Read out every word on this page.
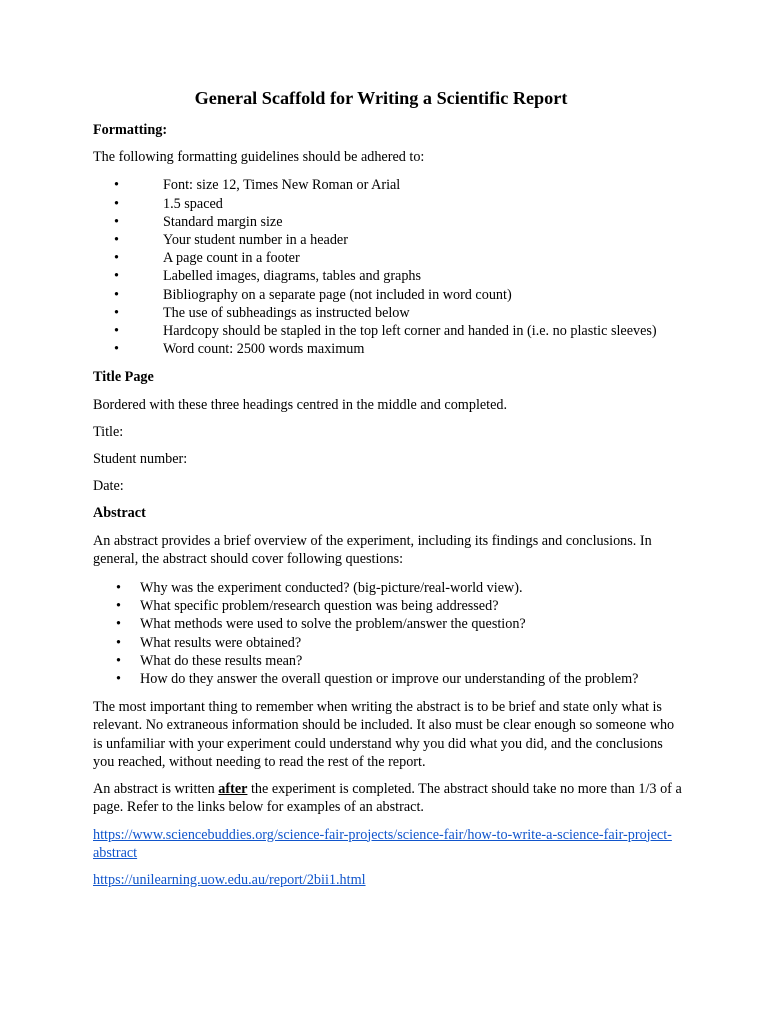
General Scaffold for Writing a Scientific Report

Formatting:

The following formatting guidelines should be adhered to:

•	Font: size 12, Times New Roman or Arial
•	1.5 spaced
•	Standard margin size
•	Your student number in a header
•	A page count in a footer
•	Labelled images, diagrams, tables and graphs
•	Bibliography on a separate page (not included in word count)
•	The use of subheadings as instructed below
•	Hardcopy should be stapled in the top left corner and handed in (i.e. no plastic sleeves)
•	Word count: 2500 words maximum

Title Page

Bordered with these three headings centred in the middle and completed.

Title:

Student number:

Date:

Abstract

An abstract provides a brief overview of the experiment, including its findings and conclusions. In general, the abstract should cover following questions:

• Why was the experiment conducted? (big-picture/real-world view).
• What specific problem/research question was being addressed?
• What methods were used to solve the problem/answer the question?
• What results were obtained?
• What do these results mean?
• How do they answer the overall question or improve our understanding of the problem?

The most important thing to remember when writing the abstract is to be brief and state only what is relevant. No extraneous information should be included. It also must be clear enough so someone who is unfamiliar with your experiment could understand why you did what you did, and the conclusions you reached, without needing to read the rest of the report.

An abstract is written after the experiment is completed. The abstract should take no more than 1/3 of a page. Refer to the links below for examples of an abstract.

https://www.sciencebuddies.org/science-fair-projects/science-fair/how-to-write-a-science-fair-project-abstract
https://unilearning.uow.edu.au/report/2bii1.html
